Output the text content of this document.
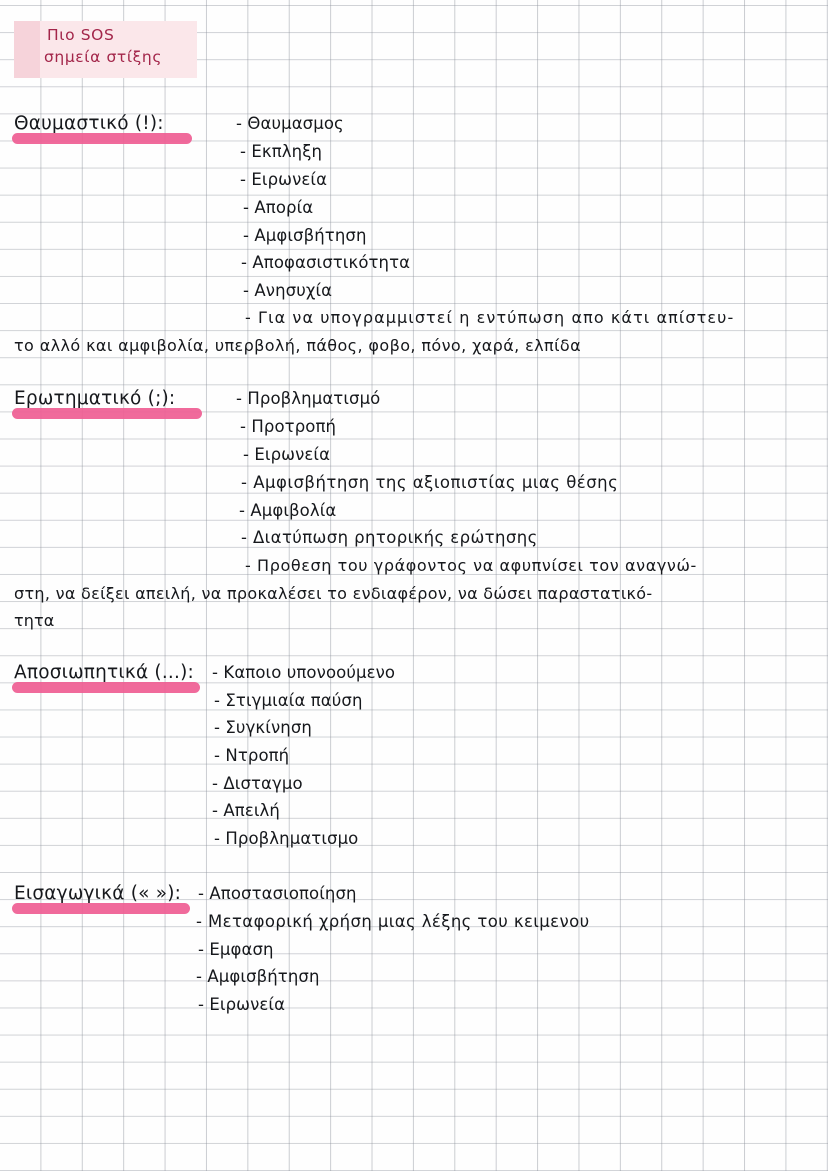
Πιο SOS
σημεία στίξης
Θαυμαστικό (!):	- Θαυμασμος
- Εκπληξη
- Ειρωνεία
- Απορία
- Αμφισβήτηση
- Αποφασιστικότητα
- Ανησυχία
- Για να υπογραμμιστεί η εντύπωση απο κάτι απίστευ-
το αλλό και αμφιβολία, υπερβολή, πάθος, φοβο, πόνο, χαρά, ελπίδα
Ερωτηματικό (;):	- Προβληματισμό
- Προτροπή
- Ειρωνεία
- Αμφισβήτηση της αξιοπιστίας μιας θέσης
- Αμφιβολία
- Διατύπωση ρητορικής ερώτησης
- Προθεση του γράφοντος να αφυπνίσει τον αναγνώ-
στη, να δείξει απειλή, να προκαλέσει το ενδιαφέρον, να δώσει παραστατικό-
τητα
Αποσιωπητικά (...): - Καποιο υπονοούμενο
- Στιγμιαία παύση
- Συγκίνηση
- Ντροπή
- Δισταγμο
- Απειλή
- Προβληματισμο
Εισαγωγικά (« »): - Αποστασιοποίηση
- Μεταφορική χρήση μιας λέξης του κειμενου
- Εμφαση
- Αμφισβήτηση
- Ειρωνεία
